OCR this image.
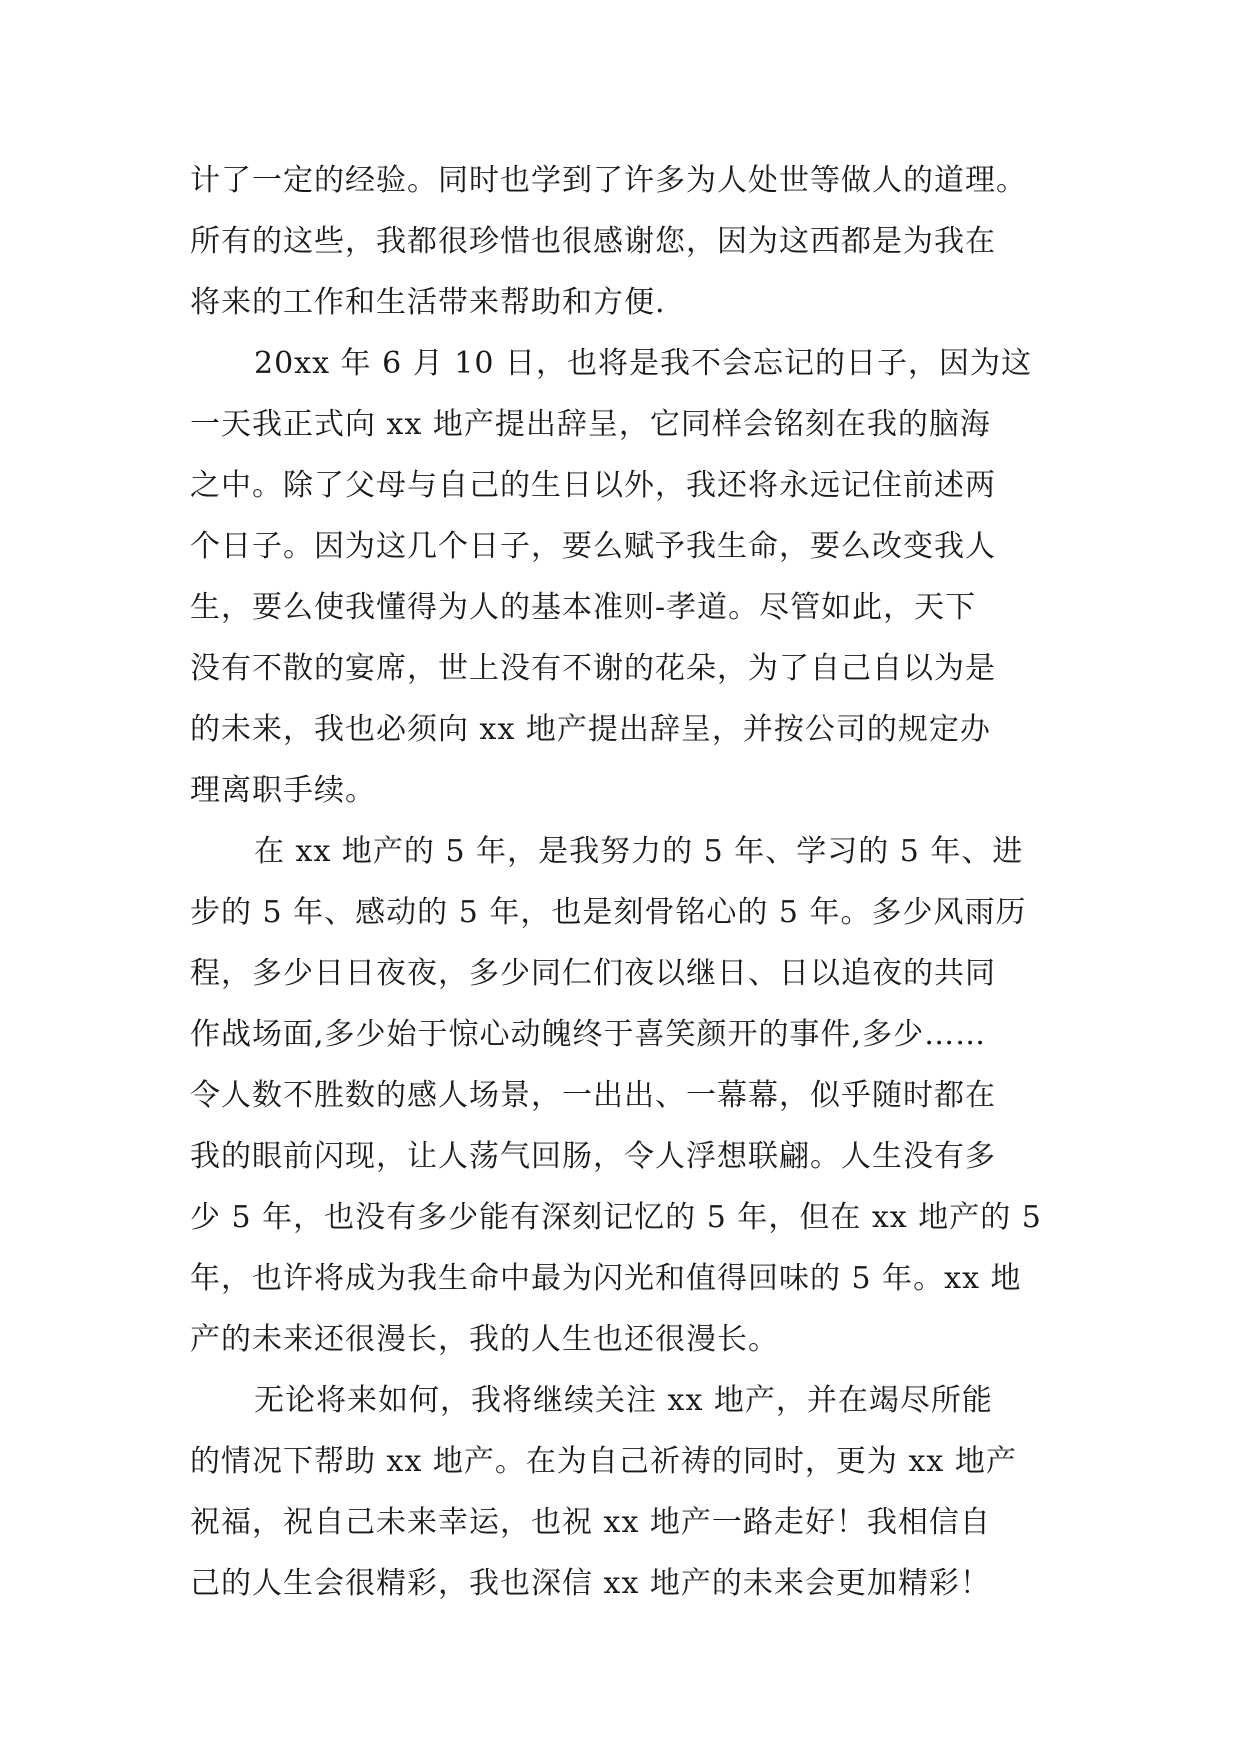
计了一定的经验。同时也学到了许多为人处世等做人的道理。
所有的这些，我都很珍惜也很感谢您，因为这西都是为我在
将来的工作和生活带来帮助和方便.
20xx 年 6 月 10 日，也将是我不会忘记的日子，因为这
一天我正式向 xx 地产提出辞呈，它同样会铭刻在我的脑海
之中。除了父母与自己的生日以外，我还将永远记住前述两
个日子。因为这几个日子，要么赋予我生命，要么改变我人
生，要么使我懂得为人的基本准则-孝道。尽管如此，天下
没有不散的宴席，世上没有不谢的花朵，为了自己自以为是
的未来，我也必须向 xx 地产提出辞呈，并按公司的规定办
理离职手续。
在 xx 地产的 5 年，是我努力的 5 年、学习的 5 年、进
步的 5 年、感动的 5 年，也是刻骨铭心的 5 年。多少风雨历
程，多少日日夜夜，多少同仁们夜以继日、日以追夜的共同
作战场面,多少始于惊心动魄终于喜笑颜开的事件,多少……
令人数不胜数的感人场景，一出出、一幕幕，似乎随时都在
我的眼前闪现，让人荡气回肠，令人浮想联翩。人生没有多
少 5 年，也没有多少能有深刻记忆的 5 年，但在 xx 地产的 5
年，也许将成为我生命中最为闪光和值得回味的 5 年。xx 地
产的未来还很漫长，我的人生也还很漫长。
无论将来如何，我将继续关注 xx 地产，并在竭尽所能
的情况下帮助 xx 地产。在为自己祈祷的同时，更为 xx 地产
祝福，祝自己未来幸运，也祝 xx 地产一路走好！我相信自
己的人生会很精彩，我也深信 xx 地产的未来会更加精彩！
